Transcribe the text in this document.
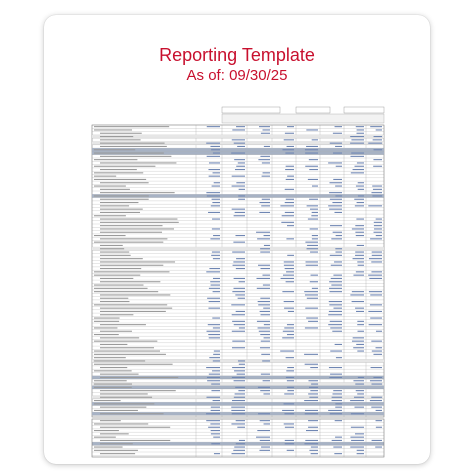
Reporting Template
As of: 09/30/25
